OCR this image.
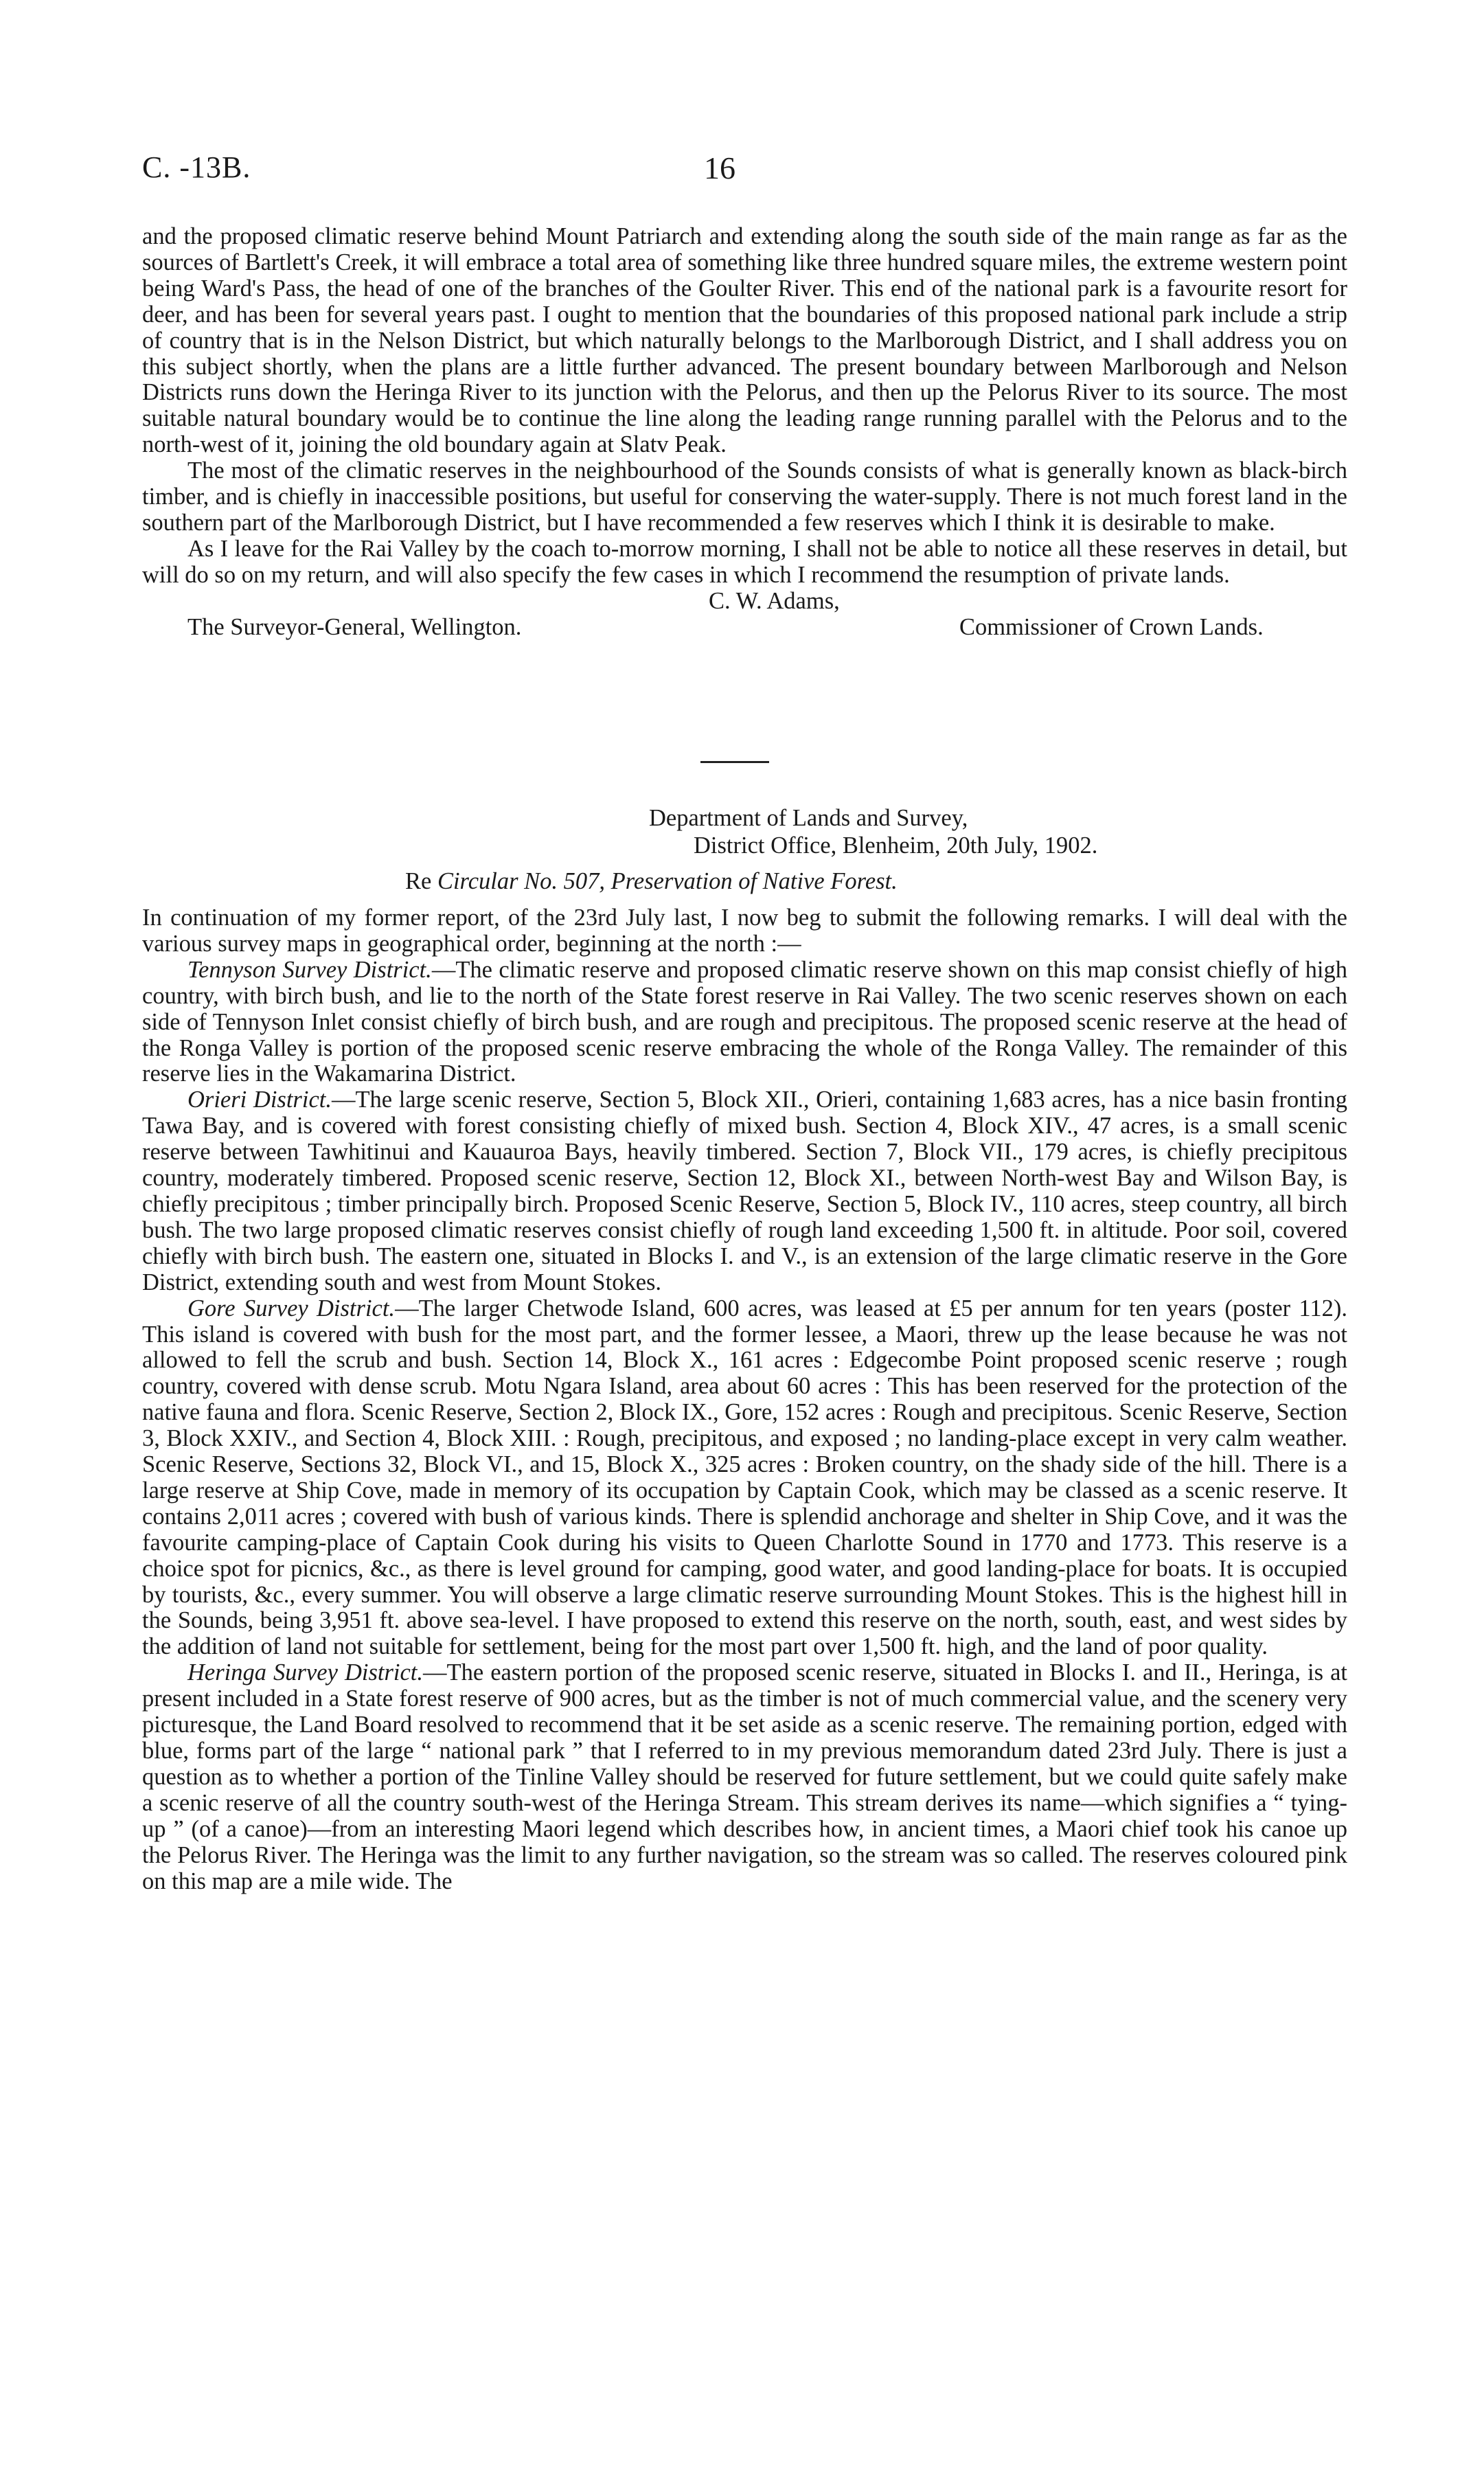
C. -13B.	16

and the proposed climatic reserve behind Mount Patriarch and extending along the south side of the main range as far as the sources of Bartlett's Creek, it will embrace a total area of something like three hundred square miles, the extreme western point being Ward's Pass, the head of one of the branches of the Goulter River. This end of the national park is a favourite resort for deer, and has been for several years past. I ought to mention that the boundaries of this proposed national park include a strip of country that is in the Nelson District, but which naturally belongs to the Marlborough District, and I shall address you on this subject shortly, when the plans are a little further advanced. The present boundary between Marlborough and Nelson Districts runs down the Heringa River to its junction with the Pelorus, and then up the Pelorus River to its source. The most suitable natural boundary would be to continue the line along the leading range running parallel with the Pelorus and to the north-west of it, joining the old boundary again at Slatv Peak.

The most of the climatic reserves in the neighbourhood of the Sounds consists of what is generally known as black-birch timber, and is chiefly in inaccessible positions, but useful for conserving the water-supply. There is not much forest land in the southern part of the Marlborough District, but I have recommended a few reserves which I think it is desirable to make.

As I leave for the Rai Valley by the coach to-morrow morning, I shall not be able to notice all these reserves in detail, but will do so on my return, and will also specify the few cases in which I recommend the resumption of private lands.

C. W. Adams,
The Surveyor-General, Wellington.	Commissioner of Crown Lands.
Department of Lands and Survey,
District Office, Blenheim, 20th July, 1902.
Re Circular No. 507, Preservation of Native Forest.

In continuation of my former report, of the 23rd July last, I now beg to submit the following remarks. I will deal with the various survey maps in geographical order, beginning at the north :—

Tennyson Survey District.—The climatic reserve and proposed climatic reserve shown on this map consist chiefly of high country, with birch bush, and lie to the north of the State forest reserve in Rai Valley. The two scenic reserves shown on each side of Tennyson Inlet consist chiefly of birch bush, and are rough and precipitous. The proposed scenic reserve at the head of the Ronga Valley is portion of the proposed scenic reserve embracing the whole of the Ronga Valley. The remainder of this reserve lies in the Wakamarina District.

Orieri District.—The large scenic reserve, Section 5, Block XII., Orieri, containing 1,683 acres, has a nice basin fronting Tawa Bay, and is covered with forest consisting chiefly of mixed bush. Section 4, Block XIV., 47 acres, is a small scenic reserve between Tawhitinui and Kauauroa Bays, heavily timbered. Section 7, Block VII., 179 acres, is chiefly precipitous country, moderately timbered. Proposed scenic reserve, Section 12, Block XI., between North-west Bay and Wilson Bay, is chiefly precipitous ; timber principally birch. Proposed Scenic Reserve, Section 5, Block IV., 110 acres, steep country, all birch bush. The two large proposed climatic reserves consist chiefly of rough land exceeding 1,500 ft. in altitude. Poor soil, covered chiefly with birch bush. The eastern one, situated in Blocks I. and V., is an extension of the large climatic reserve in the Gore District, extending south and west from Mount Stokes.

Gore Survey District.—The larger Chetwode Island, 600 acres, was leased at £5 per annum for ten years (poster 112). This island is covered with bush for the most part, and the former lessee, a Maori, threw up the lease because he was not allowed to fell the scrub and bush. Section 14, Block X., 161 acres : Edgecombe Point proposed scenic reserve ; rough country, covered with dense scrub. Motu Ngara Island, area about 60 acres : This has been reserved for the protection of the native fauna and flora. Scenic Reserve, Section 2, Block IX., Gore, 152 acres : Rough and precipitous. Scenic Reserve, Section 3, Block XXIV., and Section 4, Block XIII. : Rough, precipitous, and exposed ; no landing-place except in very calm weather. Scenic Reserve, Sections 32, Block VI., and 15, Block X., 325 acres : Broken country, on the shady side of the hill. There is a large reserve at Ship Cove, made in memory of its occupation by Captain Cook, which may be classed as a scenic reserve. It contains 2,011 acres ; covered with bush of various kinds. There is splendid anchorage and shelter in Ship Cove, and it was the favourite camping-place of Captain Cook during his visits to Queen Charlotte Sound in 1770 and 1773. This reserve is a choice spot for picnics, &c., as there is level ground for camping, good water, and good landing-place for boats. It is occupied by tourists, &c., every summer. You will observe a large climatic reserve surrounding Mount Stokes. This is the highest hill in the Sounds, being 3,951 ft. above sea-level. I have proposed to extend this reserve on the north, south, east, and west sides by the addition of land not suitable for settlement, being for the most part over 1,500 ft. high, and the land of poor quality.

Heringa Survey District.—The eastern portion of the proposed scenic reserve, situated in Blocks I. and II., Heringa, is at present included in a State forest reserve of 900 acres, but as the timber is not of much commercial value, and the scenery very picturesque, the Land Board resolved to recommend that it be set aside as a scenic reserve. The remaining portion, edged with blue, forms part of the large “ national park ” that I referred to in my previous memorandum dated 23rd July. There is just a question as to whether a portion of the Tinline Valley should be reserved for future settlement, but we could quite safely make a scenic reserve of all the country south-west of the Heringa Stream. This stream derives its name—which signifies a “ tying-up ” (of a canoe)—from an interesting Maori legend which describes how, in ancient times, a Maori chief took his canoe up the Pelorus River. The Heringa was the limit to any further navigation, so the stream was so called. The reserves coloured pink on this map are a mile wide. The
